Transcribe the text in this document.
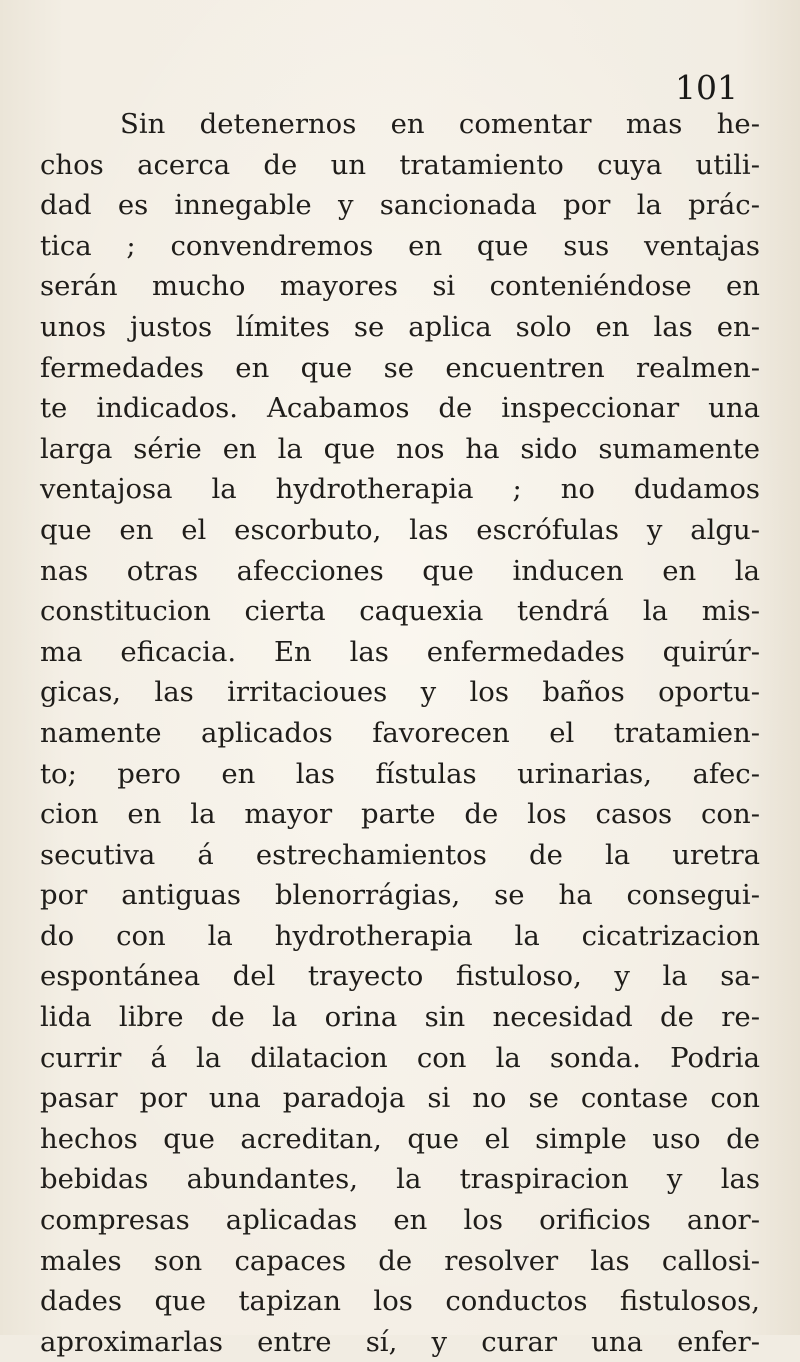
101
Sin detenernos en comentar mas he-
chos acerca de un tratamiento cuya utili-
dad es innegable y sancionada por la prác-
tica ; convendremos en que sus ventajas
serán mucho mayores si conteniéndose en
unos justos límites se aplica solo en las en-
fermedades en que se encuentren realmen-
te indicados. Acabamos de inspeccionar una
larga série en la que nos ha sido sumamente
ventajosa la hydrotherapia ; no dudamos
que en el escorbuto, las escrófulas y algu-
nas otras afecciones que inducen en la
constitucion cierta caquexia tendrá la mis-
ma eficacia. En las enfermedades quirúr-
gicas, las irritacioues y los baños oportu-
namente aplicados favorecen el tratamien-
to; pero en las fístulas urinarias, afec-
cion en la mayor parte de los casos con-
secutiva á estrechamientos de la uretra
por antiguas blenorrágias, se ha consegui-
do con la hydrotherapia la cicatrizacion
espontánea del trayecto fistuloso, y la sa-
lida libre de la orina sin necesidad de re-
currir á la dilatacion con la sonda. Podria
pasar por una paradoja si no se contase con
hechos que acreditan, que el simple uso de
bebidas abundantes, la traspiracion y las
compresas aplicadas en los orificios anor-
males son capaces de resolver las callosi-
dades que tapizan los conductos fistulosos,
aproximarlas entre sí, y curar una enfer-
